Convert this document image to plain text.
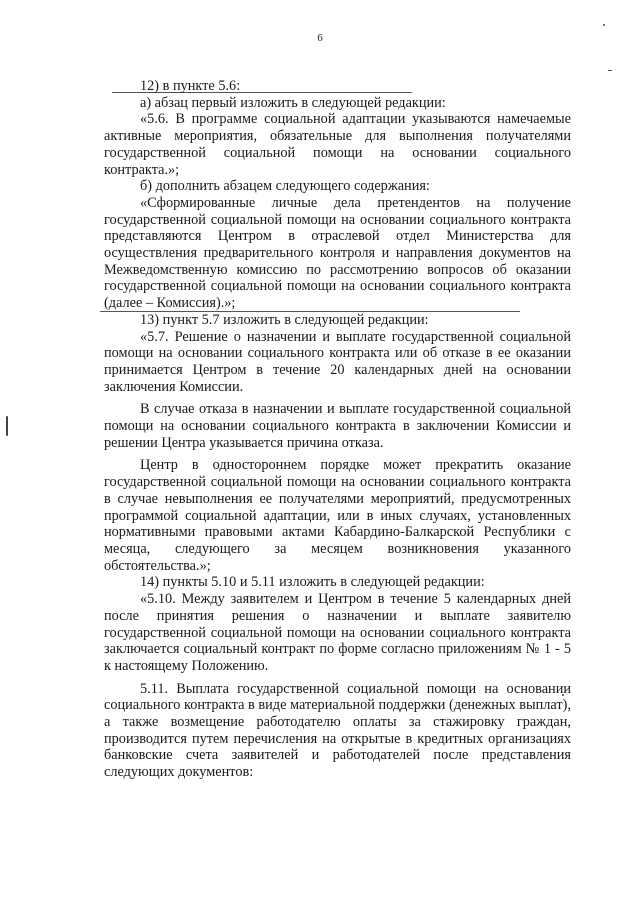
6

12) в пункте 5.6:

а) абзац первый изложить в следующей редакции:

«5.6. В программе социальной адаптации указываются намечаемые активные мероприятия, обязательные для выполнения получателями государственной социальной помощи на основании социального контракта.»;

б) дополнить абзацем следующего содержания:

«Сформированные личные дела претендентов на получение государственной социальной помощи на основании социального контракта представляются Центром в отраслевой отдел Министерства для осуществления предварительного контроля и направления документов на Межведомственную комиссию по рассмотрению вопросов об оказании государственной социальной помощи на основании социального контракта (далее – Комиссия).»;

13) пункт 5.7 изложить в следующей редакции:

«5.7. Решение о назначении и выплате государственной социальной помощи на основании социального контракта или об отказе в ее оказании принимается Центром в течение 20 календарных дней на основании заключения Комиссии.

В случае отказа в назначении и выплате государственной социальной помощи на основании социального контракта в заключении Комиссии и решении Центра указывается причина отказа.

Центр в одностороннем порядке может прекратить оказание государственной социальной помощи на основании социального контракта в случае невыполнения ее получателями мероприятий, предусмотренных программой социальной адаптации, или в иных случаях, установленных нормативными правовыми актами Кабардино-Балкарской Республики с месяца, следующего за месяцем возникновения указанного обстоятельства.»;

14) пункты 5.10 и 5.11 изложить в следующей редакции:

«5.10. Между заявителем и Центром в течение 5 календарных дней после принятия решения о назначении и выплате заявителю государственной социальной помощи на основании социального контракта заключается социальный контракт по форме согласно приложениям № 1 - 5 к настоящему Положению.

5.11. Выплата государственной социальной помощи на основании социального контракта в виде материальной поддержки (денежных выплат), а также возмещение работодателю оплаты за стажировку граждан, производится путем перечисления на открытые в кредитных организациях банковские счета заявителей и работодателей после представления следующих документов:
